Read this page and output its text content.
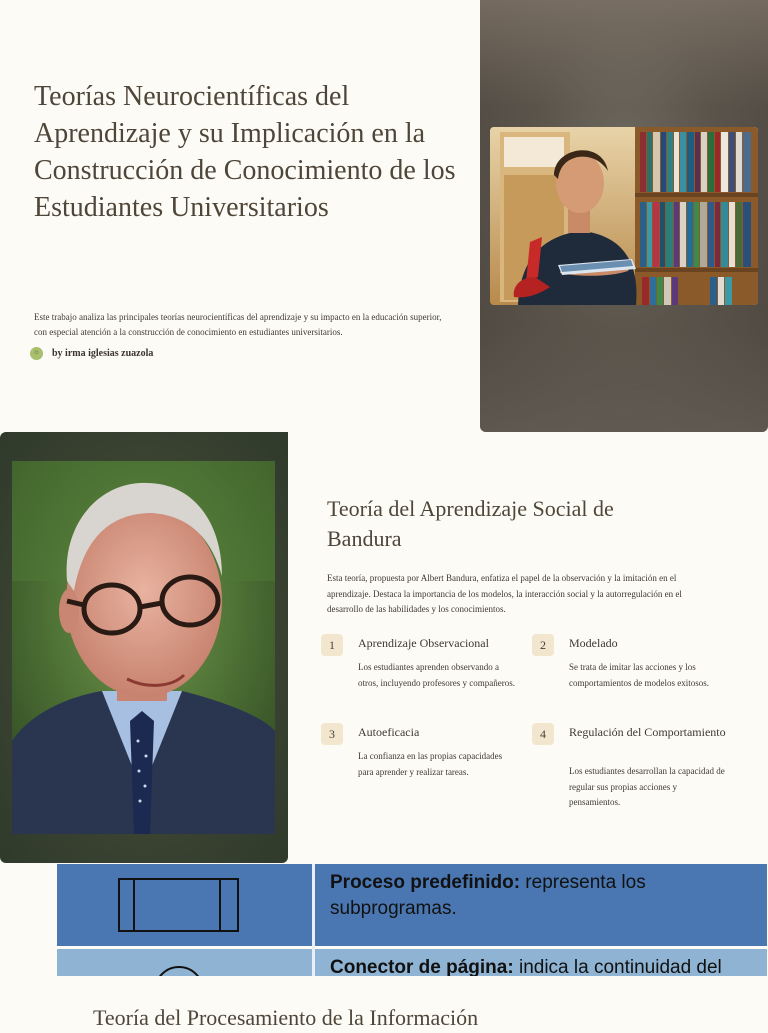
Teorías Neurocientíficas del Aprendizaje y su Implicación en la Construcción de Conocimiento de los Estudiantes Universitarios
Este trabajo analiza las principales teorías neurocientíficas del aprendizaje y su impacto en la educación superior, con especial atención a la construcción de conocimiento en estudiantes universitarios.
☺	by irma iglesias zuazola
Teoría del Aprendizaje Social de Bandura
Esta teoría, propuesta por Albert Bandura, enfatiza el papel de la observación y la imitación en el aprendizaje. Destaca la importancia de los modelos, la interacción social y la autorregulación en el desarrollo de las habilidades y los conocimientos.
1	Aprendizaje Observacional
Los estudiantes aprenden observando a otros, incluyendo profesores y compañeros.
2	Modelado
Se trata de imitar las acciones y los comportamientos de modelos exitosos.
3	Autoeficacia
La confianza en las propias capacidades para aprender y realizar tareas.
4	Regulación del Comportamiento
Los estudiantes desarrollan la capacidad de regular sus propias acciones y pensamientos.
Proceso predefinido: representa los subprogramas.
Conector de página: indica la continuidad del
Teoría del Procesamiento de la Información
